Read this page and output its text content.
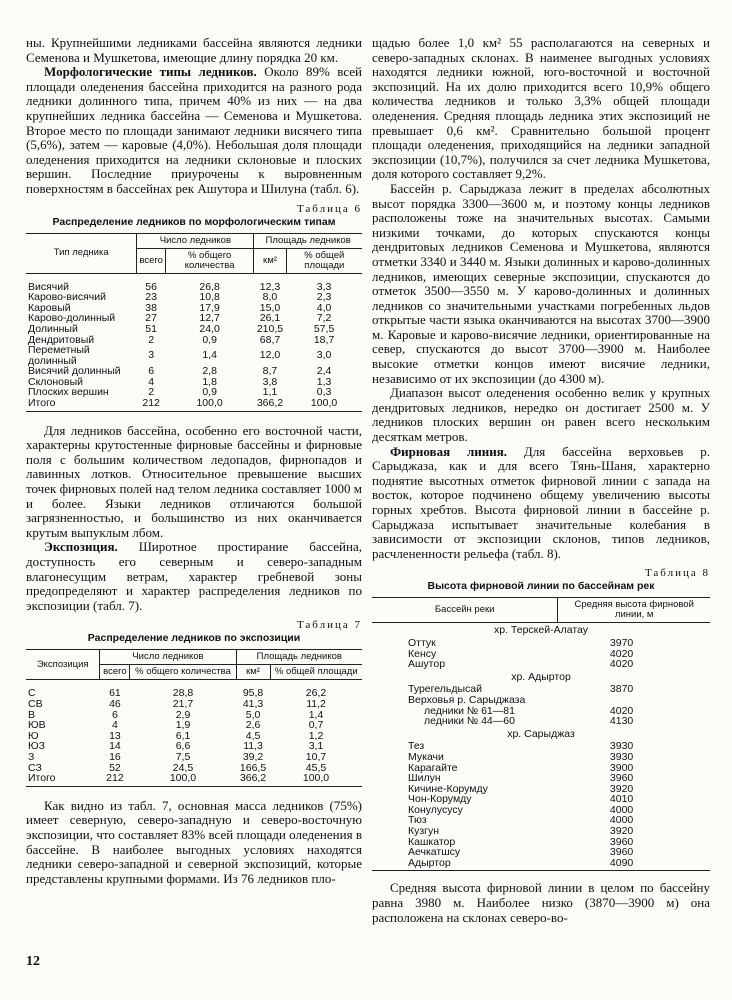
ны. Крупнейшими ледниками бассейна являются ледники Семенова и Мушкетова, имеющие длину порядка 20 км.

Морфологические типы ледников. Около 89% всей площади оледенения бассейна приходится на разного рода ледники долинного типа, причем 40% из них — на два крупнейших ледника бассейна — Семенова и Мушкетова. Второе место по площади занимают ледники висячего типа (5,6%), затем — каровые (4,0%). Небольшая доля площади оледенения приходится на ледники склоновые и плоских вершин. Последние приурочены к выровненным поверхностям в бассейнах рек Ашутора и Шилуна (табл. 6).

Таблица 6
Распределение ледников по морфологическим типам
Тип ледника	Число ледников		Площадь ледников	
	всего	% общего количества	км²	% общей площади
Висячий	56	26,8	12,3	3,3
Карово-висячий	23	10,8	8,0	2,3
Каровый	38	17,9	15,0	4,0
Карово-долинный	27	12,7	26,1	7,2
Долинный	51	24,0	210,5	57,5
Дендритовый	2	0,9	68,7	18,7
Переметный долинный	3	1,4	12,0	3,0
Висячий долинный	6	2,8	8,7	2,4
Склоновый	4	1,8	3,8	1,3
Плоских вершин	2	0,9	1,1	0,3
Итого	212	100,0	366,2	100,0

Для ледников бассейна, особенно его восточной части, характерны крутостенные фирновые бассейны и фирновые поля с большим количеством ледопадов, фирнопадов и лавинных лотков. Относительное превышение высших точек фирновых полей над телом ледника составляет 1000 м и более. Языки ледников отличаются большой загрязненностью, и большинство из них оканчивается крутым выпуклым лбом.

Экспозиция. Широтное простирание бассейна, доступность его северным и северо-западным влагонесущим ветрам, характер гребневой зоны предопределяют и характер распределения ледников по экспозиции (табл. 7).

Таблица 7
Распределение ледников по экспозиции
Экспозиция	Число ледников		Площадь ледников	
	всего	% общего количества	км²	% общей площади
С	61	28,8	95,8	26,2
СВ	46	21,7	41,3	11,2
В	6	2,9	5,0	1,4
ЮВ	4	1,9	2,6	0,7
Ю	13	6,1	4,5	1,2
ЮЗ	14	6,6	11,3	3,1
З	16	7,5	39,2	10,7
СЗ	52	24,5	166,5	45,5
Итого	212	100,0	366,2	100,0

Как видно из табл. 7, основная масса ледников (75%) имеет северную, северо-западную и северо-восточную экспозиции, что составляет 83% всей площади оледенения в бассейне. В наиболее выгодных условиях находятся ледники северо-западной и северной экспозиций, которые представлены крупными формами. Из 76 ледников пло-

щадью более 1,0 км² 55 располагаются на северных и северо-западных склонах. В наименее выгодных условиях находятся ледники южной, юго-восточной и восточной экспозиций. На их долю приходится всего 10,9% общего количества ледников и только 3,3% общей площади оледенения. Средняя площадь ледника этих экспозиций не превышает 0,6 км². Сравнительно большой процент площади оледенения, приходящийся на ледники западной экспозиции (10,7%), получился за счет ледника Мушкетова, доля которого составляет 9,2%.

Бассейн р. Сарыджаза лежит в пределах абсолютных высот порядка 3300—3600 м, и поэтому концы ледников расположены тоже на значительных высотах. Самыми низкими точками, до которых спускаются концы дендритовых ледников Семенова и Мушкетова, являются отметки 3340 и 3440 м. Языки долинных и карово-долинных ледников, имеющих северные экспозиции, спускаются до отметок 3500—3550 м. У карово-долинных и долинных ледников со значительными участками погребенных льдов открытые части языка оканчиваются на высотах 3700—3900 м. Каровые и карово-висячие ледники, ориентированные на север, спускаются до высот 3700—3900 м. Наиболее высокие отметки концов имеют висячие ледники, независимо от их экспозиции (до 4300 м).

Диапазон высот оледенения особенно велик у крупных дендритовых ледников, нередко он достигает 2500 м. У ледников плоских вершин он равен всего нескольким десяткам метров.

Фирновая линия. Для бассейна верховьев р. Сарыджаза, как и для всего Тянь-Шаня, характерно поднятие высотных отметок фирновой линии с запада на восток, которое подчинено общему увеличению высоты горных хребтов. Высота фирновой линии в бассейне р. Сарыджаза испытывает значительные колебания в зависимости от экспозиции склонов, типов ледников, расчлененности рельефа (табл. 8).

Таблица 8
Высота фирновой линии по бассейнам рек
Бассейн реки	Средняя высота фирновой линии, м
хр. Терскей-Алатау	
Оттук	3970
Кенсу	4020
Ашутор	4020
хр. Адыртор	
Турегельдысай	3870
Верховья р. Сарыджаза	
ледники № 61—81	4020
ледники № 44—60	4130
хр. Сарыджаз	
Тез	3930
Мукачи	3930
Карагайте	3900
Шилун	3960
Кичине-Корумду	3920
Чон-Корумду	4010
Конулусусу	4000
Тюз	4000
Кузгун	3920
Кашкатор	3960
Аечкатшсу	3960
Адыртор	4090

Средняя высота фирновой линии в целом по бассейну равна 3980 м. Наиболее низко (3870—3900 м) она расположена на склонах северо-во-

12
